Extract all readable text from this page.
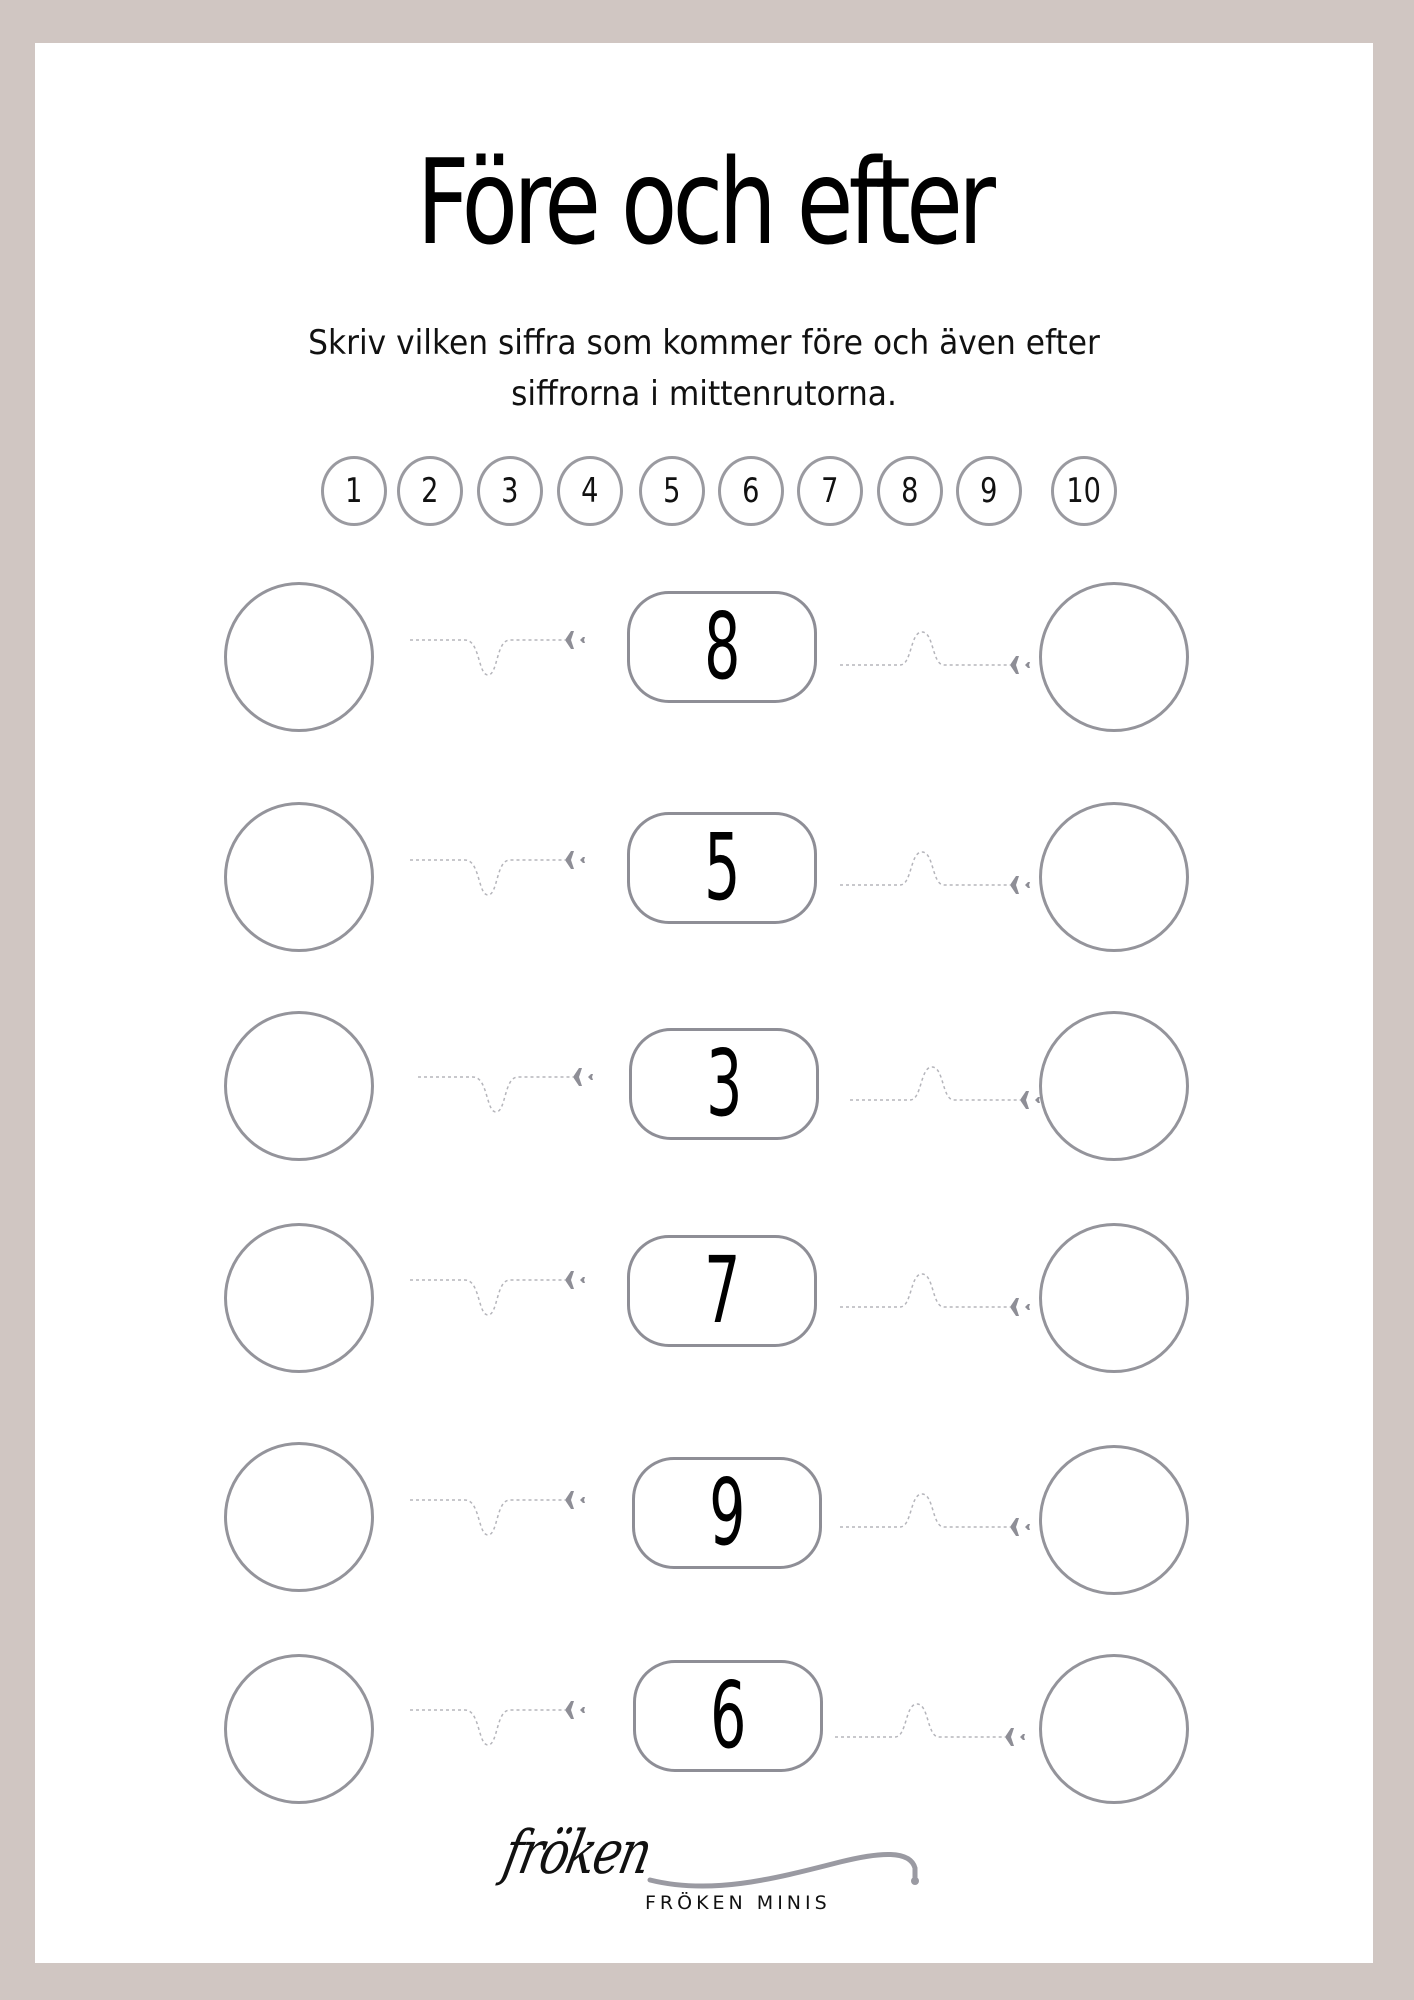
Före och efter
Skriv vilken siffra som kommer före och även efter
siffrorna i mittenrutorna.
1 2 3 4 5 6 7 8 9 10
8
5
3
7
9
6
fröken
FRÖKEN MINIS
